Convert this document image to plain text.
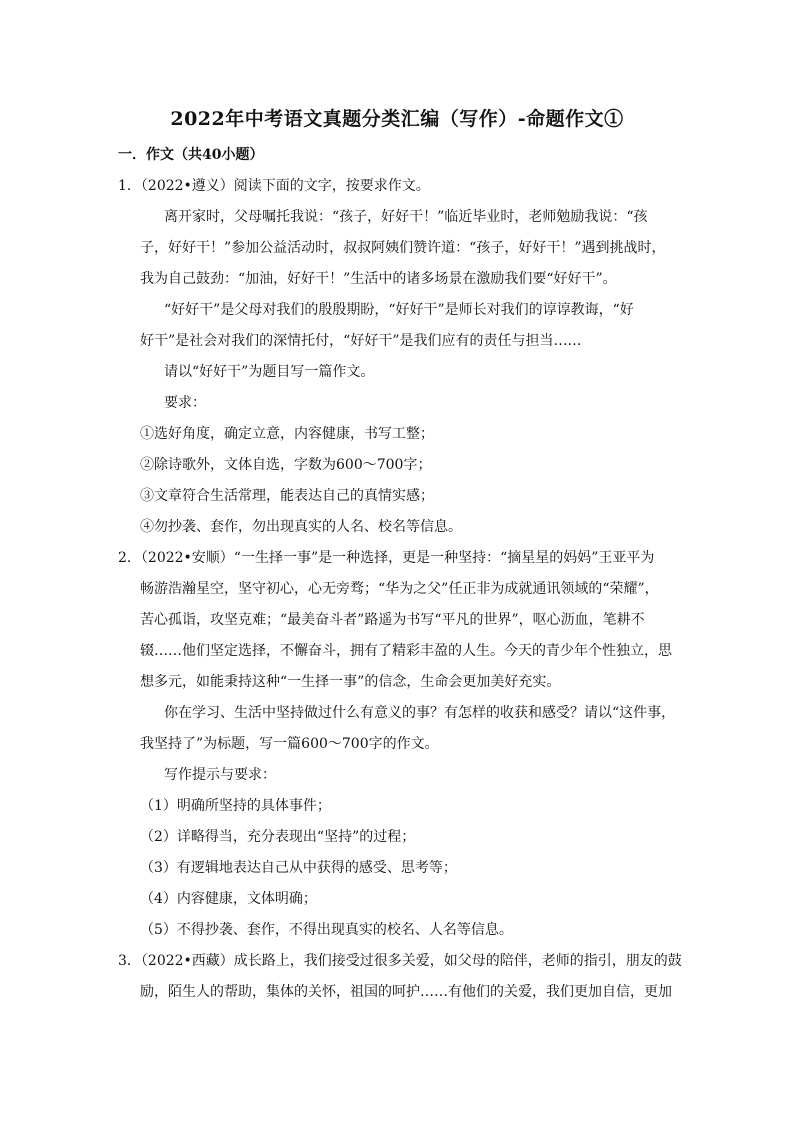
2022年中考语文真题分类汇编（写作）-命题作文①
一．作文（共40小题）
1．（2022•遵义）阅读下面的文字，按要求作文。
离开家时，父母嘱托我说：“孩子，好好干！”临近毕业时，老师勉励我说：“孩
子，好好干！”参加公益活动时，叔叔阿姨们赞许道：“孩子，好好干！”遇到挑战时，
我为自己鼓劲：“加油，好好干！”生活中的诸多场景在激励我们要“好好干”。
“好好干”是父母对我们的殷殷期盼，“好好干”是师长对我们的谆谆教诲，“好
好干”是社会对我们的深情托付，“好好干”是我们应有的责任与担当……
请以“好好干”为题目写一篇作文。
要求：
①选好角度，确定立意，内容健康，书写工整；
②除诗歌外，文体自选，字数为600～700字；
③文章符合生活常理，能表达自己的真情实感；
④勿抄袭、套作，勿出现真实的人名、校名等信息。
2．（2022•安顺）“一生择一事”是一种选择，更是一种坚持：“摘星星的妈妈”王亚平为
畅游浩瀚星空，坚守初心，心无旁骛；“华为之父”任正非为成就通讯领域的“荣耀”，
苦心孤诣，攻坚克难；“最美奋斗者”路遥为书写“平凡的世界”，呕心沥血，笔耕不
辍……他们坚定选择，不懈奋斗，拥有了精彩丰盈的人生。今天的青少年个性独立，思
想多元，如能秉持这种“一生择一事”的信念，生命会更加美好充实。
你在学习、生活中坚持做过什么有意义的事？有怎样的收获和感受？请以“这件事，
我坚持了”为标题，写一篇600～700字的作文。
写作提示与要求：
（1）明确所坚持的具体事件；
（2）详略得当，充分表现出“坚持”的过程；
（3）有逻辑地表达自己从中获得的感受、思考等；
（4）内容健康，文体明确；
（5）不得抄袭、套作，不得出现真实的校名、人名等信息。
3．（2022•西藏）成长路上，我们接受过很多关爱，如父母的陪伴，老师的指引，朋友的鼓
励，陌生人的帮助，集体的关怀，祖国的呵护……有他们的关爱，我们更加自信，更加
